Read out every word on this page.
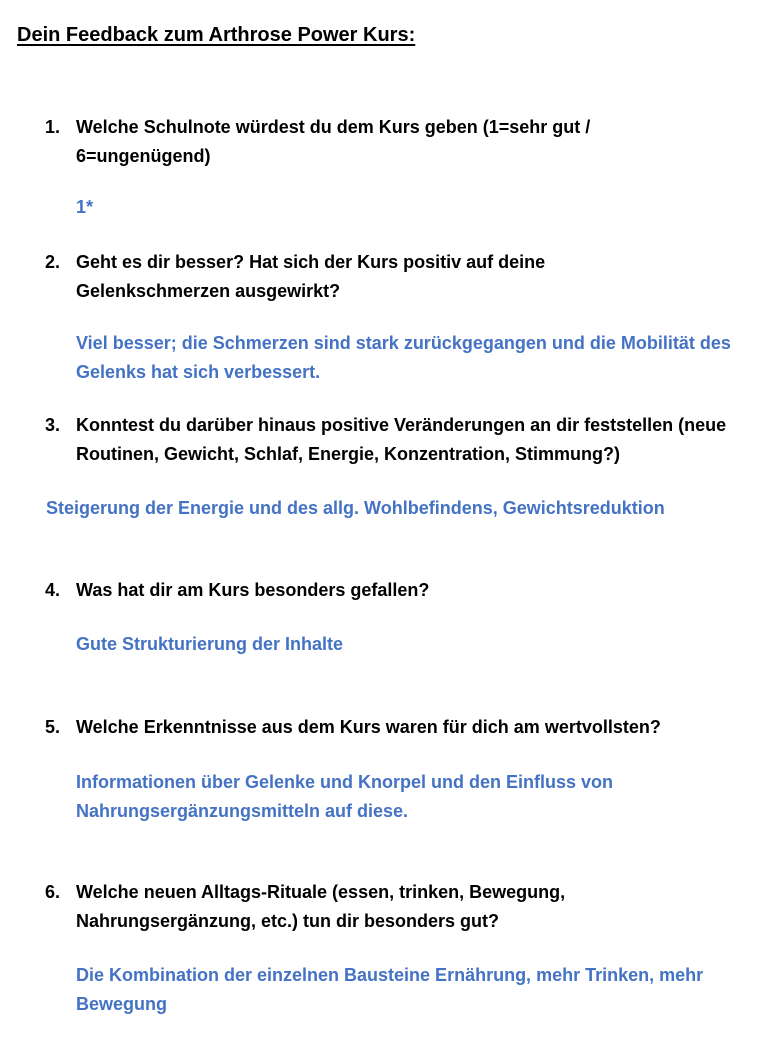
Dein Feedback zum Arthrose Power Kurs:
1. Welche Schulnote würdest du dem Kurs geben (1=sehr gut / 6=ungenügend)
1*
2. Geht es dir besser? Hat sich der Kurs positiv auf deine Gelenkschmerzen ausgewirkt?
Viel besser; die Schmerzen sind stark zurückgegangen und die Mobilität des Gelenks hat sich verbessert.
3. Konntest du darüber hinaus positive Veränderungen an dir feststellen (neue Routinen, Gewicht, Schlaf, Energie, Konzentration, Stimmung?)
Steigerung der Energie und des allg. Wohlbefindens, Gewichtsreduktion
4. Was hat dir am Kurs besonders gefallen?
Gute Strukturierung der Inhalte
5. Welche Erkenntnisse aus dem Kurs waren für dich am wertvollsten?
Informationen über Gelenke und Knorpel und den Einfluss von Nahrungsergänzungsmitteln auf diese.
6. Welche neuen Alltags-Rituale (essen, trinken, Bewegung, Nahrungsergänzung, etc.) tun dir besonders gut?
Die Kombination der einzelnen Bausteine Ernährung, mehr Trinken, mehr Bewegung
